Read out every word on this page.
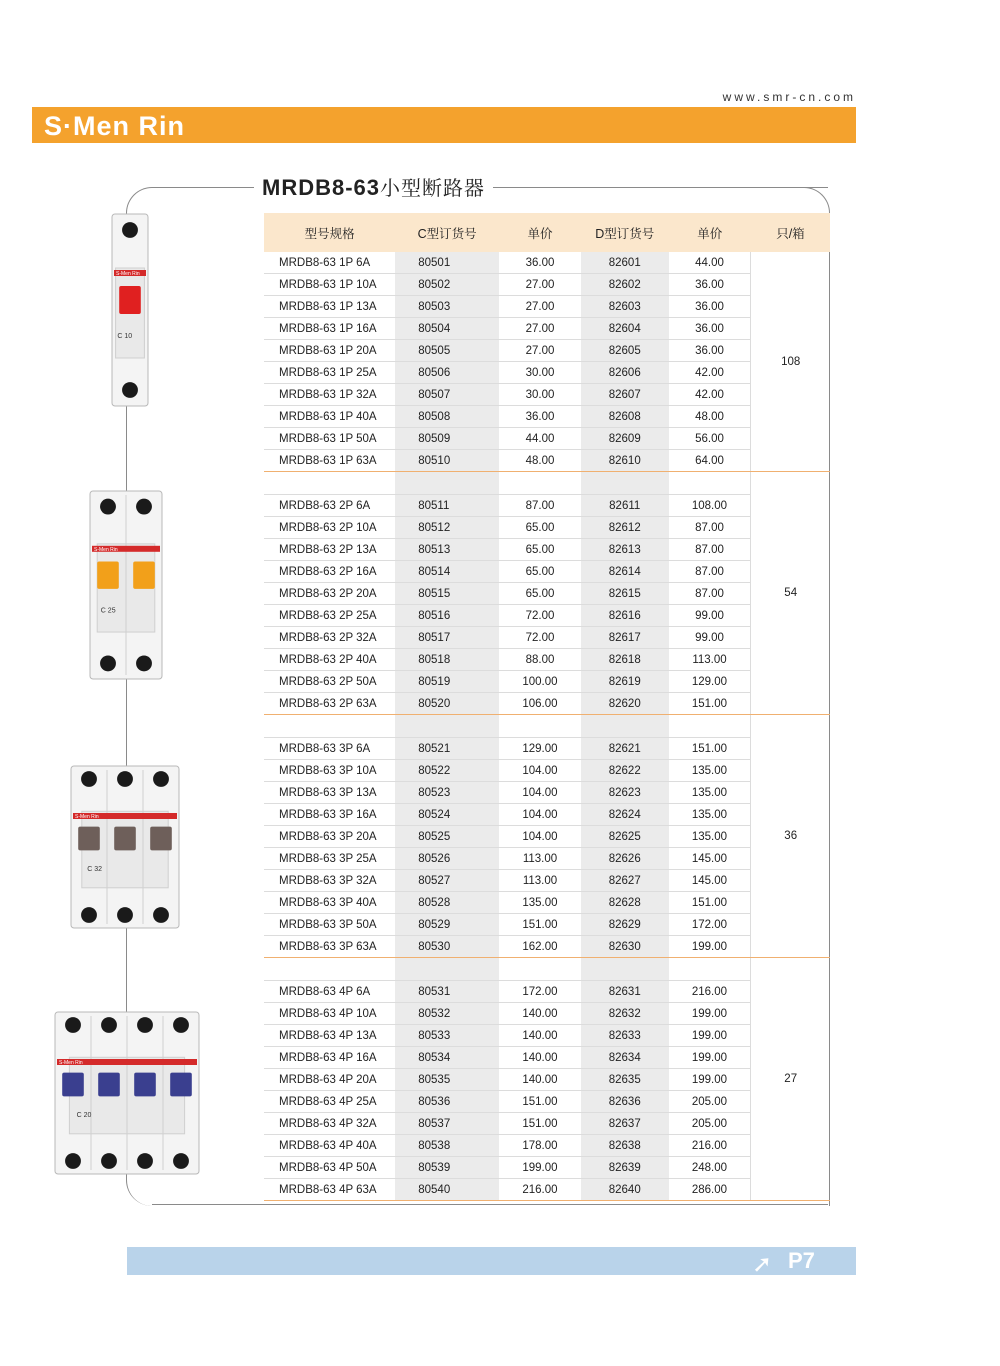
www.smr-cn.com
S·Men Rin
MRDB8-63小型断路器
型号规格	C型订货号	单价	D型订货号	单价	只/箱
MRDB8-63 1P 6A	80501	36.00	82601	44.00	108
MRDB8-63 1P 10A	80502	27.00	82602	36.00	
MRDB8-63 1P 13A	80503	27.00	82603	36.00	
MRDB8-63 1P 16A	80504	27.00	82604	36.00	
MRDB8-63 1P 20A	80505	27.00	82605	36.00	
MRDB8-63 1P 25A	80506	30.00	82606	42.00	
MRDB8-63 1P 32A	80507	30.00	82607	42.00	
MRDB8-63 1P 40A	80508	36.00	82608	48.00	
MRDB8-63 1P 50A	80509	44.00	82609	56.00	
MRDB8-63 1P 63A	80510	48.00	82610	64.00	
					54
MRDB8-63 2P 6A	80511	87.00	82611	108.00	
MRDB8-63 2P 10A	80512	65.00	82612	87.00	
MRDB8-63 2P 13A	80513	65.00	82613	87.00	
MRDB8-63 2P 16A	80514	65.00	82614	87.00	
MRDB8-63 2P 20A	80515	65.00	82615	87.00	
MRDB8-63 2P 25A	80516	72.00	82616	99.00	
MRDB8-63 2P 32A	80517	72.00	82617	99.00	
MRDB8-63 2P 40A	80518	88.00	82618	113.00	
MRDB8-63 2P 50A	80519	100.00	82619	129.00	
MRDB8-63 2P 63A	80520	106.00	82620	151.00	
					36
MRDB8-63 3P 6A	80521	129.00	82621	151.00	
MRDB8-63 3P 10A	80522	104.00	82622	135.00	
MRDB8-63 3P 13A	80523	104.00	82623	135.00	
MRDB8-63 3P 16A	80524	104.00	82624	135.00	
MRDB8-63 3P 20A	80525	104.00	82625	135.00	
MRDB8-63 3P 25A	80526	113.00	82626	145.00	
MRDB8-63 3P 32A	80527	113.00	82627	145.00	
MRDB8-63 3P 40A	80528	135.00	82628	151.00	
MRDB8-63 3P 50A	80529	151.00	82629	172.00	
MRDB8-63 3P 63A	80530	162.00	82630	199.00	
					27
MRDB8-63 4P 6A	80531	172.00	82631	216.00	
MRDB8-63 4P 10A	80532	140.00	82632	199.00	
MRDB8-63 4P 13A	80533	140.00	82633	199.00	
MRDB8-63 4P 16A	80534	140.00	82634	199.00	
MRDB8-63 4P 20A	80535	140.00	82635	199.00	
MRDB8-63 4P 25A	80536	151.00	82636	205.00	
MRDB8-63 4P 32A	80537	151.00	82637	205.00	
MRDB8-63 4P 40A	80538	178.00	82638	216.00	
MRDB8-63 4P 50A	80539	199.00	82639	248.00	
MRDB8-63 4P 63A	80540	216.00	82640	286.00	
S-Men Rin
C 10
S-Men Rin
C 25
S-Men Rin
C 32
S-Men Rin
C 20
➚ P7
